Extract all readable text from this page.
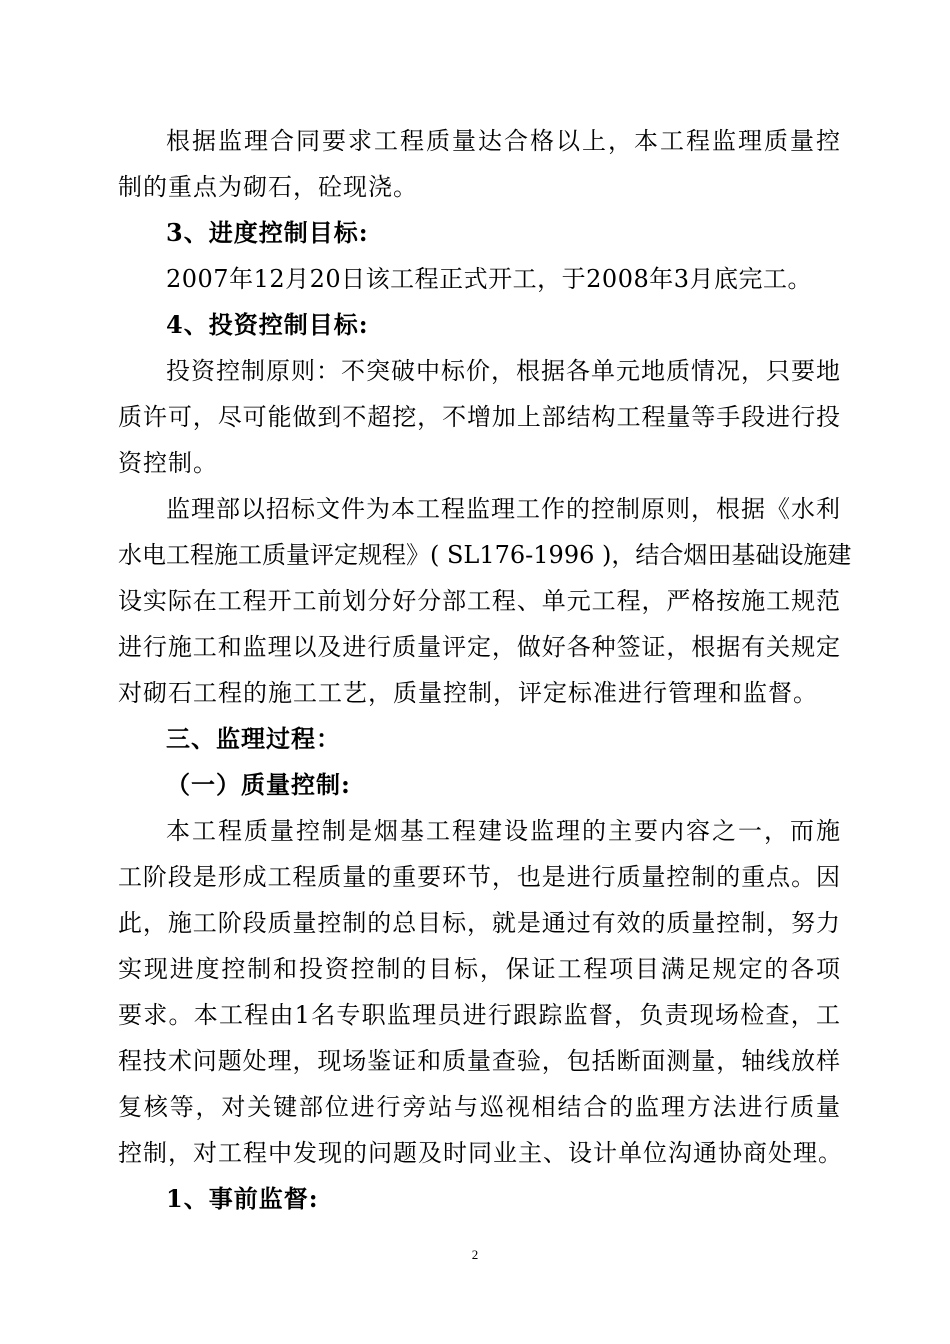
根据监理合同要求工程质量达合格以上，本工程监理质量控
制的重点为砌石，砼现浇。
3、进度控制目标:
2007年12月20日该工程正式开工，于2008年3月底完工。
4、投资控制目标:
投资控制原则：不突破中标价，根据各单元地质情况，只要地
质许可，尽可能做到不超挖，不增加上部结构工程量等手段进行投
资控制。
监理部以招标文件为本工程监理工作的控制原则，根据《水利
水电工程施工质量评定规程》( SL176-1996 )，结合烟田基础设施建
设实际在工程开工前划分好分部工程、单元工程，严格按施工规范
进行施工和监理以及进行质量评定，做好各种签证，根据有关规定
对砌石工程的施工工艺，质量控制，评定标准进行管理和监督。
三、监理过程：
（一）质量控制:
本工程质量控制是烟基工程建设监理的主要内容之一，而施
工阶段是形成工程质量的重要环节，也是进行质量控制的重点。因
此，施工阶段质量控制的总目标，就是通过有效的质量控制，努力
实现进度控制和投资控制的目标，保证工程项目满足规定的各项
要求。本工程由1名专职监理员进行跟踪监督，负责现场检查，工
程技术问题处理，现场鉴证和质量查验，包括断面测量，轴线放样
复核等，对关键部位进行旁站与巡视相结合的监理方法进行质量
控制，对工程中发现的问题及时同业主、设计单位沟通协商处理。
1、事前监督:
2
